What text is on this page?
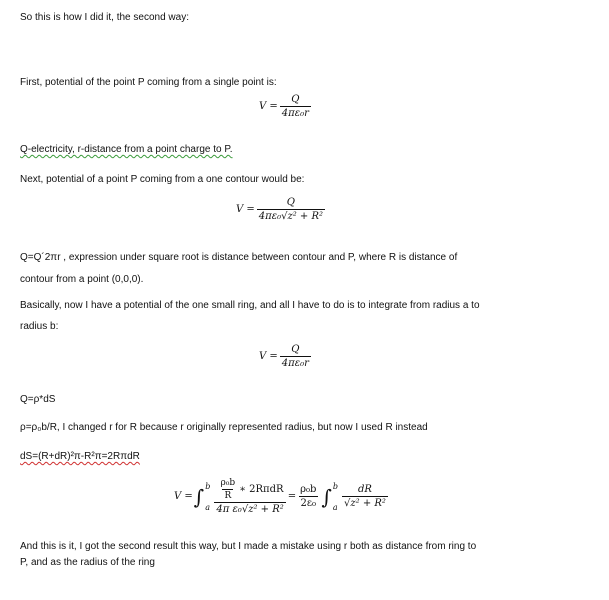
So this is how I did it, the second way:
First, potential of the point P coming from a single point is:
$V = \frac{Q}{\text{4πε₀r}}$
Q-electricity, r-distance from a point charge to P.
Next, potential of a point P coming from a one contour would be:
$V = \frac{Q}{\text{4πε₀√z² + R²}}$
Q=Q´2πr , expression under square root is distance between contour and P, where R is distance of
contour from a point (0,0,0).
Basically, now I have a potential of the one small ring, and all I have to do is to integrate from radius a to
radius b:
$V = \frac{Q}{\text{4πε₀r}}$
Q=ρ*dS
ρ=ρ₀b/R, I changed r for R because r originally represented radius, but now I used R instead
dS=(R+dR)²π-R²π=2RπdR
V = ∫ b
a $\frac{\frac{\text{ρ₀b}}{R} ∗ 2R\pi dR}{\text{4π ε₀√z² + R²}} = \frac{\text{ρ₀b}}{\text{2ε₀}}$ ∫ b
a $\frac{dR}{\text{√z² + R²}}$
And this is it, I got the second result this way, but I made a mistake using r both as distance from ring to
P, and as the radius of the ring
